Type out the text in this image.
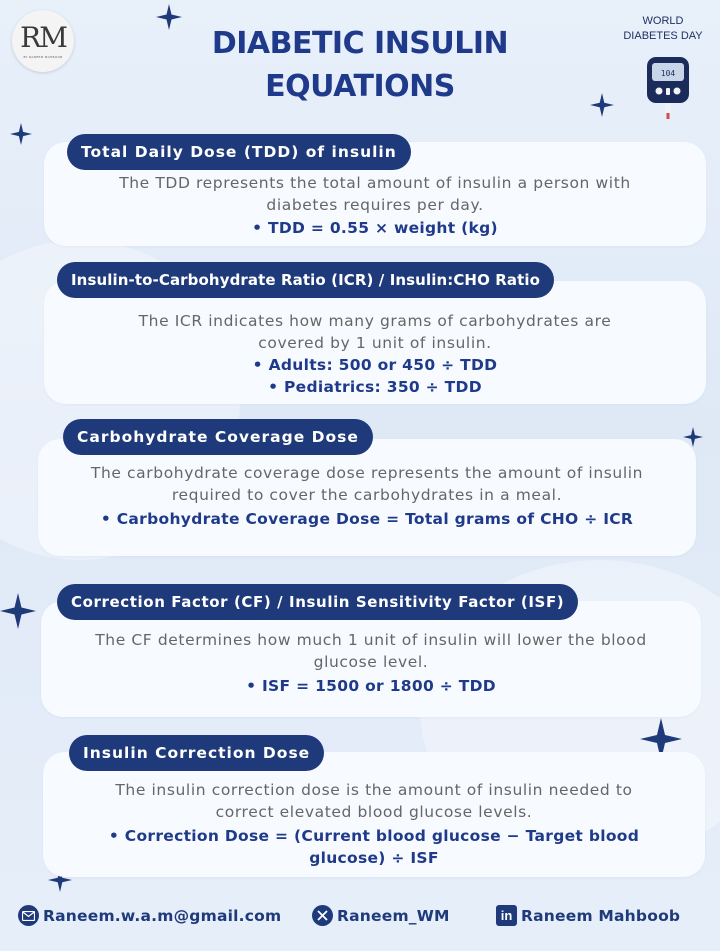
RM
BY RANEEM MAHBOOB	DIABETIC INSULIN
EQUATIONS
WORLD
DIABETES DAY
104
Total Daily Dose (TDD) of insulin
The TDD represents the total amount of insulin a person with
diabetes requires per day.
• TDD = 0.55 × weight (kg)
Insulin-to-Carbohydrate Ratio (ICR) / Insulin:CHO Ratio
The ICR indicates how many grams of carbohydrates are
covered by 1 unit of insulin.
• Adults: 500 or 450 ÷ TDD
• Pediatrics: 350 ÷ TDD
Carbohydrate Coverage Dose
The carbohydrate coverage dose represents the amount of insulin
required to cover the carbohydrates in a meal.
• Carbohydrate Coverage Dose = Total grams of CHO ÷ ICR
Correction Factor (CF) / Insulin Sensitivity Factor (ISF)
The CF determines how much 1 unit of insulin will lower the blood
glucose level.
• ISF = 1500 or 1800 ÷ TDD
Insulin Correction Dose
The insulin correction dose is the amount of insulin needed to
correct elevated blood glucose levels.
• Correction Dose = (Current blood glucose − Target blood
glucose) ÷ ISF
Raneem.w.a.m@gmail.com	Raneem_WM	in Raneem Mahboob
